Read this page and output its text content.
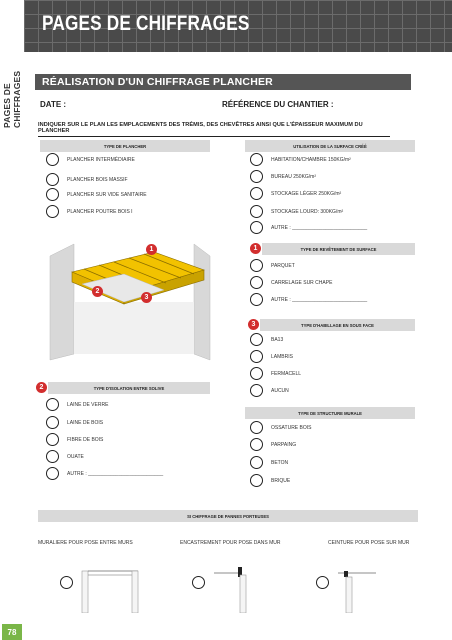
PAGES DE CHIFFRAGES
PAGES DE CHIFFRAGES
RÉALISATION D'UN CHIFFRAGE PLANCHER
DATE :	RÉFÉRENCE DU CHANTIER :
INDIQUER SUR LE PLAN LES EMPLACEMENTS DES TRÉMIS, DES CHEVÊTRES AINSI QUE L'ÉPAISSEUR MAXIMUM DU PLANCHER
TYPE DE PLANCHER
PLANCHER INTERMÉDIAIRE
PLANCHER BOIS MASSIF
PLANCHER SUR VIDE SANITAIRE
PLANCHER POUTRE BOIS I
UTILISATION DE LA SURFACE CRÉÉ
HABITATION/CHAMBRE 150KG/m²
BUREAU 250KG/m²
STOCKAGE LÉGER 250KG/m²
STOCKAGE LOURD: 300KG/m²
AUTRE : ___________________________
1
2
3
1	TYPE DE REVÊTEMENT DE SURFACE
PARQUET
CARRELAGE SUR CHAPE
AUTRE : ___________________________
3	TYPE D'HABILLAGE EN SOUS FACE
BA13
LAMBRIS
FERMACELL
AUCUN
2	TYPE D'ISOLATION ENTRE SOLIVE
LAINE DE VERRE
LAINE DE BOIS
FIBRE DE BOIS
OUATE
AUTRE : ___________________________
TYPE DE STRUCTURE MURALE
OSSATURE BOIS
PARPAING
BETON
BRIQUE
SI CHIFFRAGE DE PANNES PORTEUSES
MURALIERE POUR POSE ENTRE MURS	ENCASTREMENT POUR POSE DANS MUR	CEINTURE POUR POSE SUR MUR
78
